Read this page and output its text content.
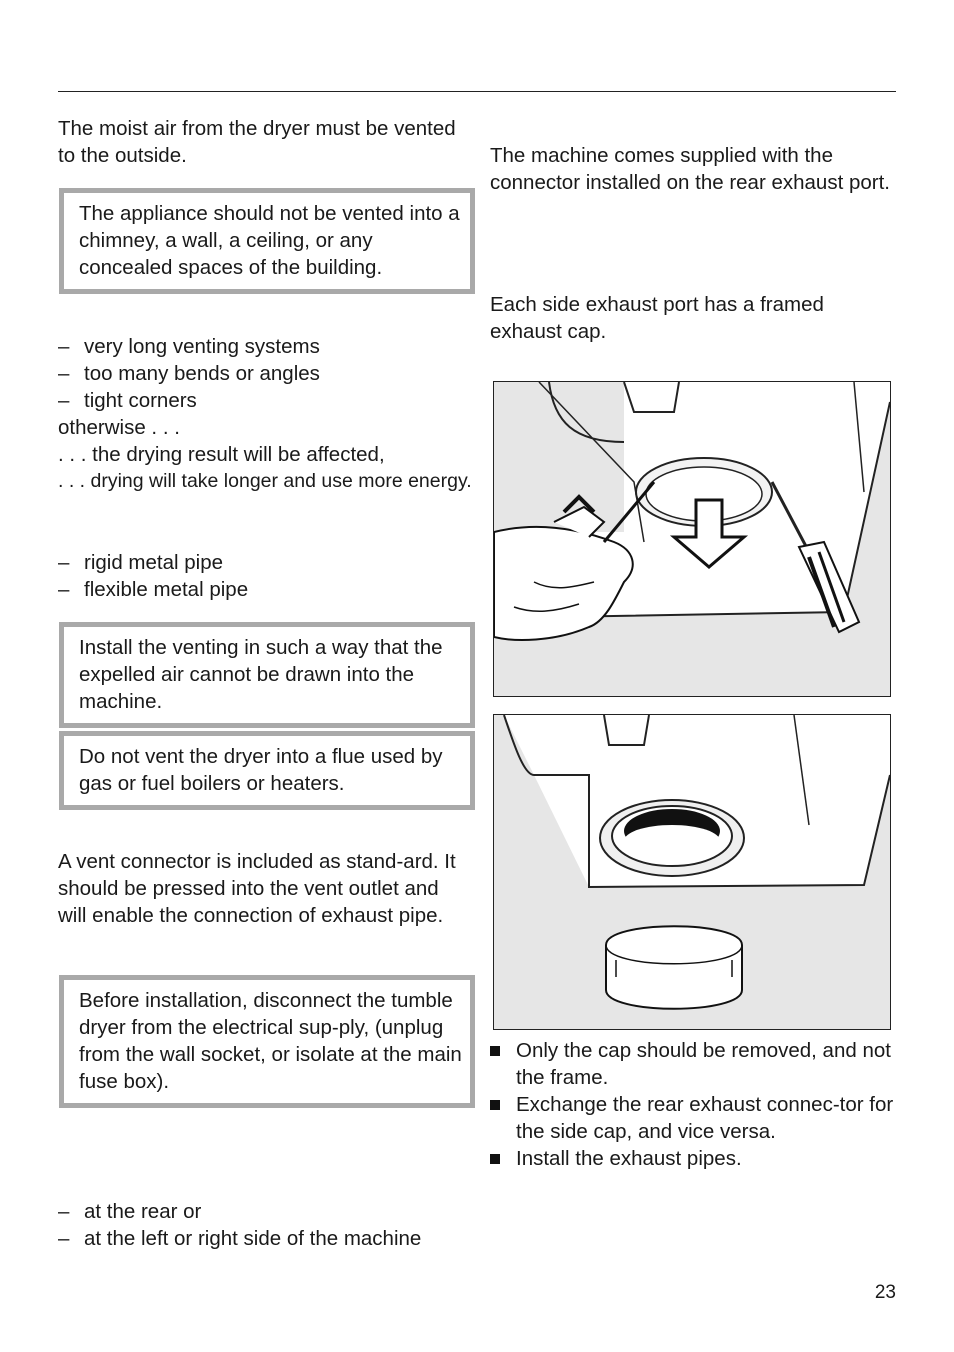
The moist air from the dryer must be vented to the outside.

The appliance should not be vented into a chimney, a wall, a ceiling, or any concealed spaces of the building.
– very long venting systems
– too many bends or angles
– tight corners

otherwise . . .

. . . the drying result will be affected,

. . . drying will take longer and use more energy.

– rigid metal pipe
– flexible metal pipe
Install the venting in such a way that the expelled air cannot be drawn into the machine.
Do not vent the dryer into a flue used by gas or fuel boilers or heaters.

A vent connector is included as stand-ard. It should be pressed into the vent outlet and will enable the connection of exhaust pipe.

Before installation, disconnect the tumble dryer from the electrical sup-ply, (unplug from the wall socket, or isolate at the main fuse box).
– at the rear or
– at the left or right side of the machine

The machine comes supplied with the connector installed on the rear exhaust port.

Each side exhaust port has a framed exhaust cap.

Only the cap should be removed, and not the frame.
Exchange the rear exhaust connec-tor for the side cap, and vice versa.
Install the exhaust pipes.
23
